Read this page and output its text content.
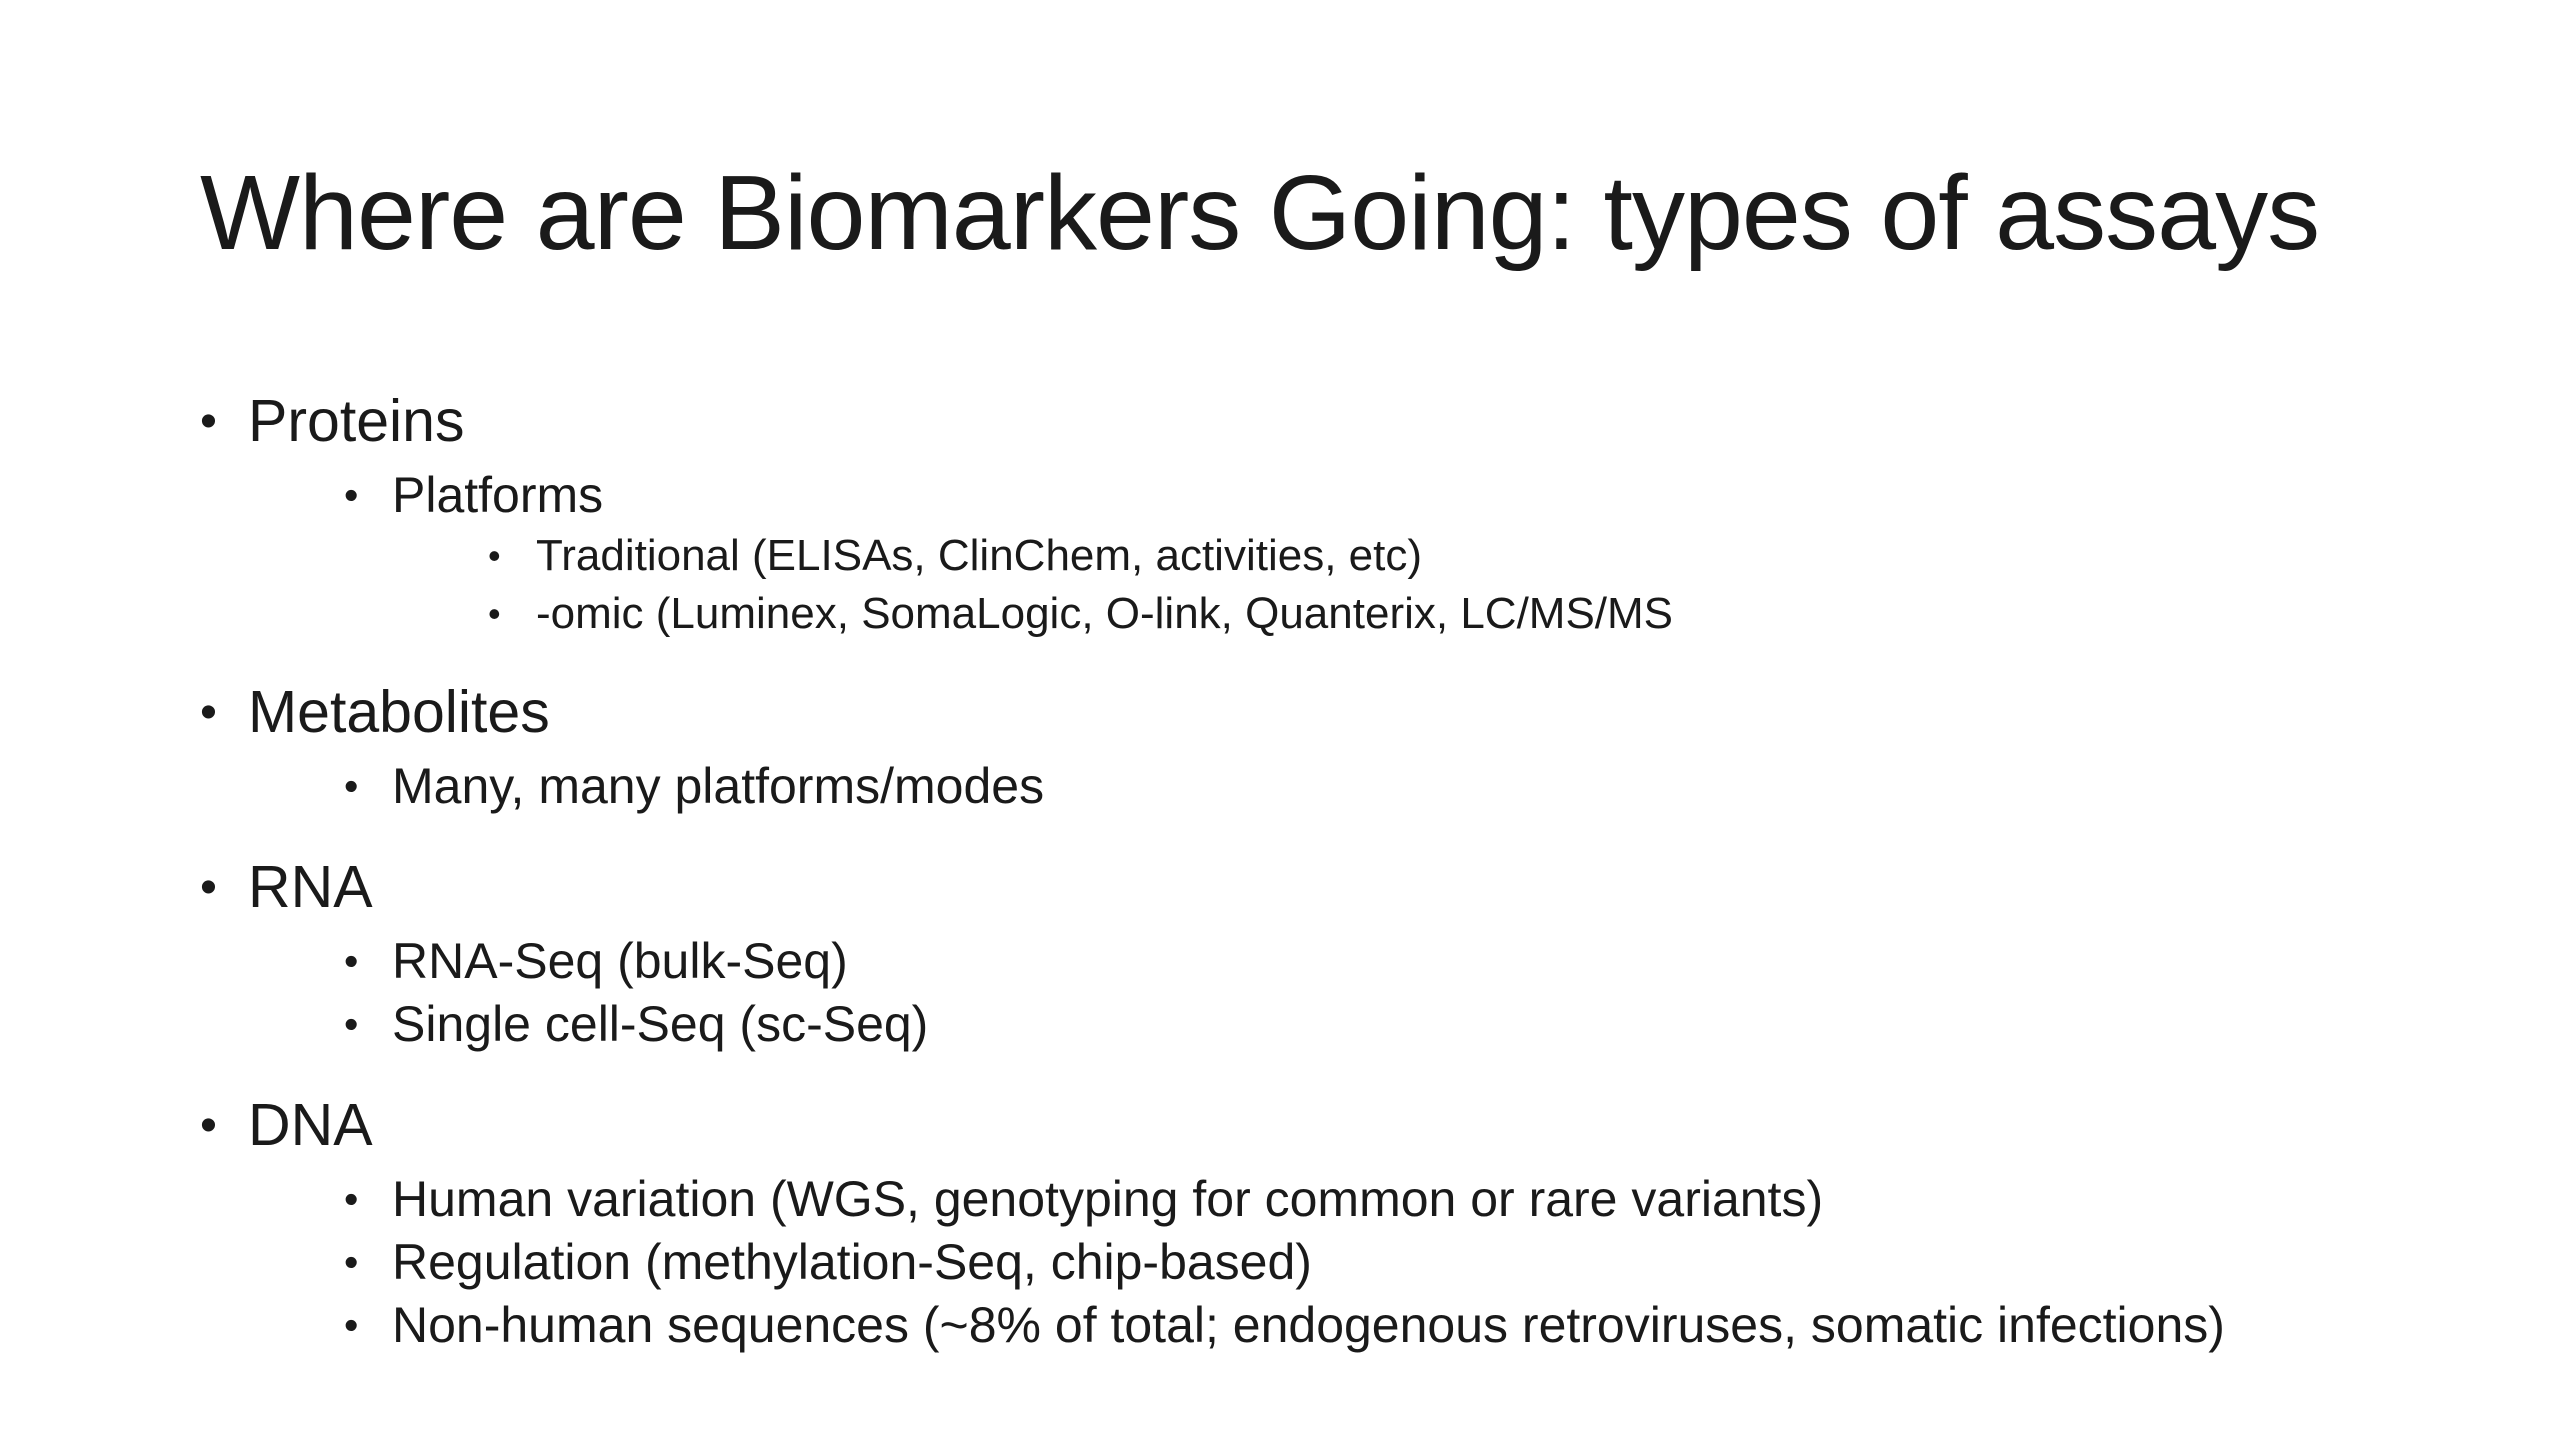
Where are Biomarkers Going: types of assays
• Proteins
• Platforms
• Traditional (ELISAs, ClinChem, activities, etc)
• -omic (Luminex, SomaLogic, O-link, Quanterix, LC/MS/MS
• Metabolites
• Many, many platforms/modes
• RNA
• RNA-Seq (bulk-Seq)
• Single cell-Seq (sc-Seq)
• DNA
• Human variation (WGS, genotyping for common or rare variants)
• Regulation (methylation-Seq, chip-based)
• Non-human sequences (~8% of total; endogenous retroviruses, somatic infections)
